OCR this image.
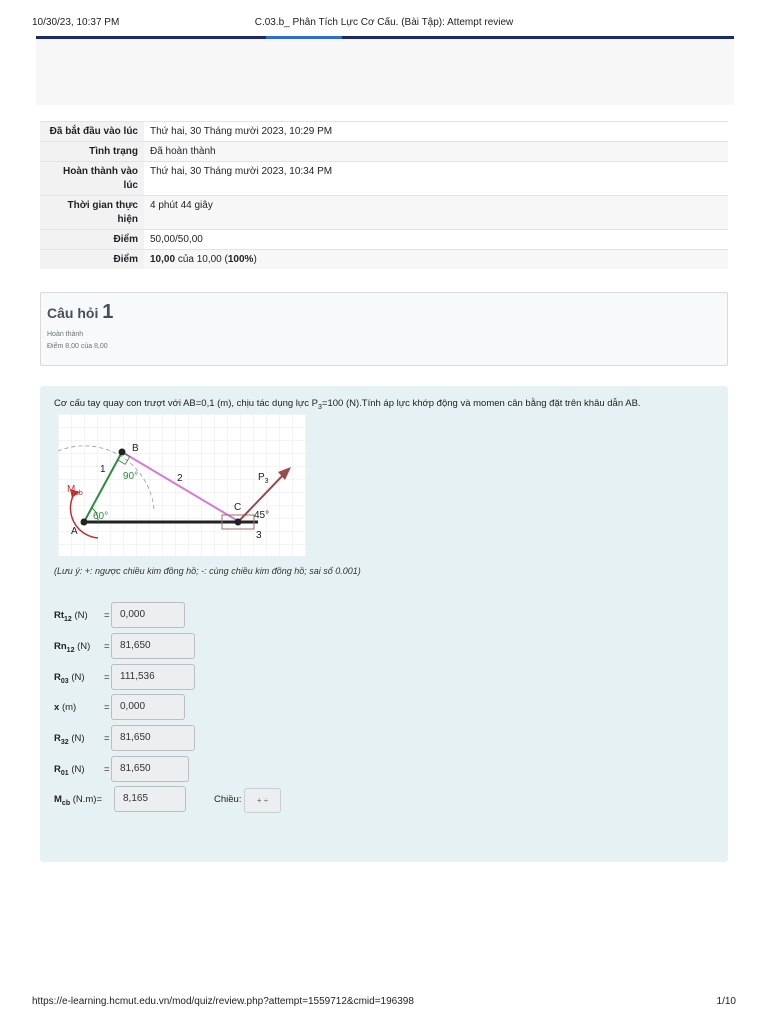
10/30/23, 10:37 PM	C.03.b_ Phân Tích Lực Cơ Cấu. (Bài Tập): Attempt review
Đã bắt đầu vào lúc	Thứ hai, 30 Tháng mười 2023, 10:29 PM
Tình trạng	Đã hoàn thành
Hoàn thành vào lúc	Thứ hai, 30 Tháng mười 2023, 10:34 PM
Thời gian thực hiện	4 phút 44 giây
Điểm	50,00/50,00
Điểm	10,00 của 10,00 (100%)
Câu hỏi 1
Hoàn thành
Điểm 8,00 của 8,00
Cơ cấu tay quay con trượt với AB=0,1 (m), chịu tác dụng lực $P_3=100$ (N).Tính áp lực khớp động và momen cân bằng đặt trên khâu dẫn AB.
A
B
C
1
2
3
90°
60°	45°
$M_{cb}$
$P_3$
(Lưu ý: +: ngược chiều kim đồng hồ; -: cùng chiều kim đồng hồ; sai số 0.001)
$Rt_{12}$ (N) =	0,000
$Rn_{12}$ (N) =	81,650
$R_{03}$ (N) =	111,536
x (m)	=	0,000
$R_{32}$ (N) =	81,650
$R_{01}$ (N) =	81,650
$M_{cb}$ (N.m)=	8,165	Chiều:	+ ÷
https://e-learning.hcmut.edu.vn/mod/quiz/review.php?attempt=1559712&cmid=196398	1/10
